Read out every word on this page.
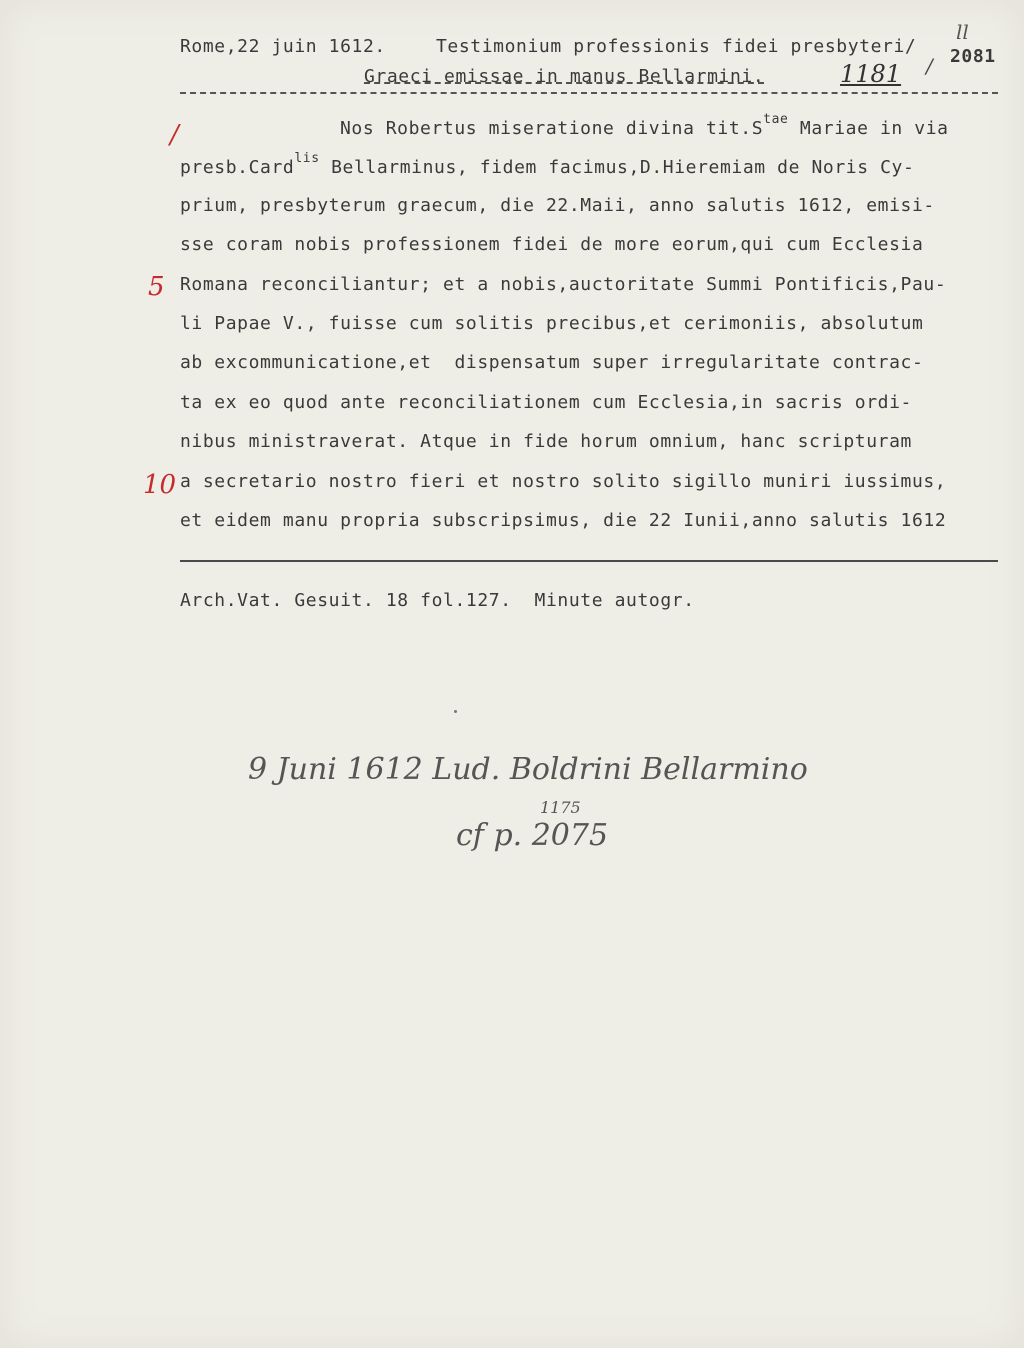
Rome,22 juin 1612.	Testimonium professionis fidei presbyteri/ 2081
ll
/
Graeci emissae in manus Bellarmini.	1181
/
5
10
Nos Robertus miseratione divina $tit.S^{tae}$ Mariae in via
presb.Card$^{lis}$ Bellarminus, fidem facimus,D.Hieremiam de Noris Cy-
prium, presbyterum graecum, die 22.Maii, anno salutis 1612, emisi-
sse coram nobis professionem fidei de more eorum,qui cum Ecclesia
Romana reconciliantur; et a nobis,auctoritate Summi Pontificis,Pau-
li Papae V., fuisse cum solitis precibus,et cerimoniis, absolutum
ab excommunicatione,et  dispensatum super irregularitate contrac-
ta ex eo quod ante reconciliationem cum Ecclesia,in sacris ordi-
nibus ministraverat. Atque in fide horum omnium, hanc scripturam
a secretario nostro fieri et nostro solito sigillo muniri iussimus,
et eidem manu propria subscripsimus, die 22 Iunii,anno salutis 1612
Arch.Vat. Gesuit. 18 fol.127.  Minute autogr.
9 Juni 1612 Lud. Boldrini Bellarmino
1175
cf p. 2075
